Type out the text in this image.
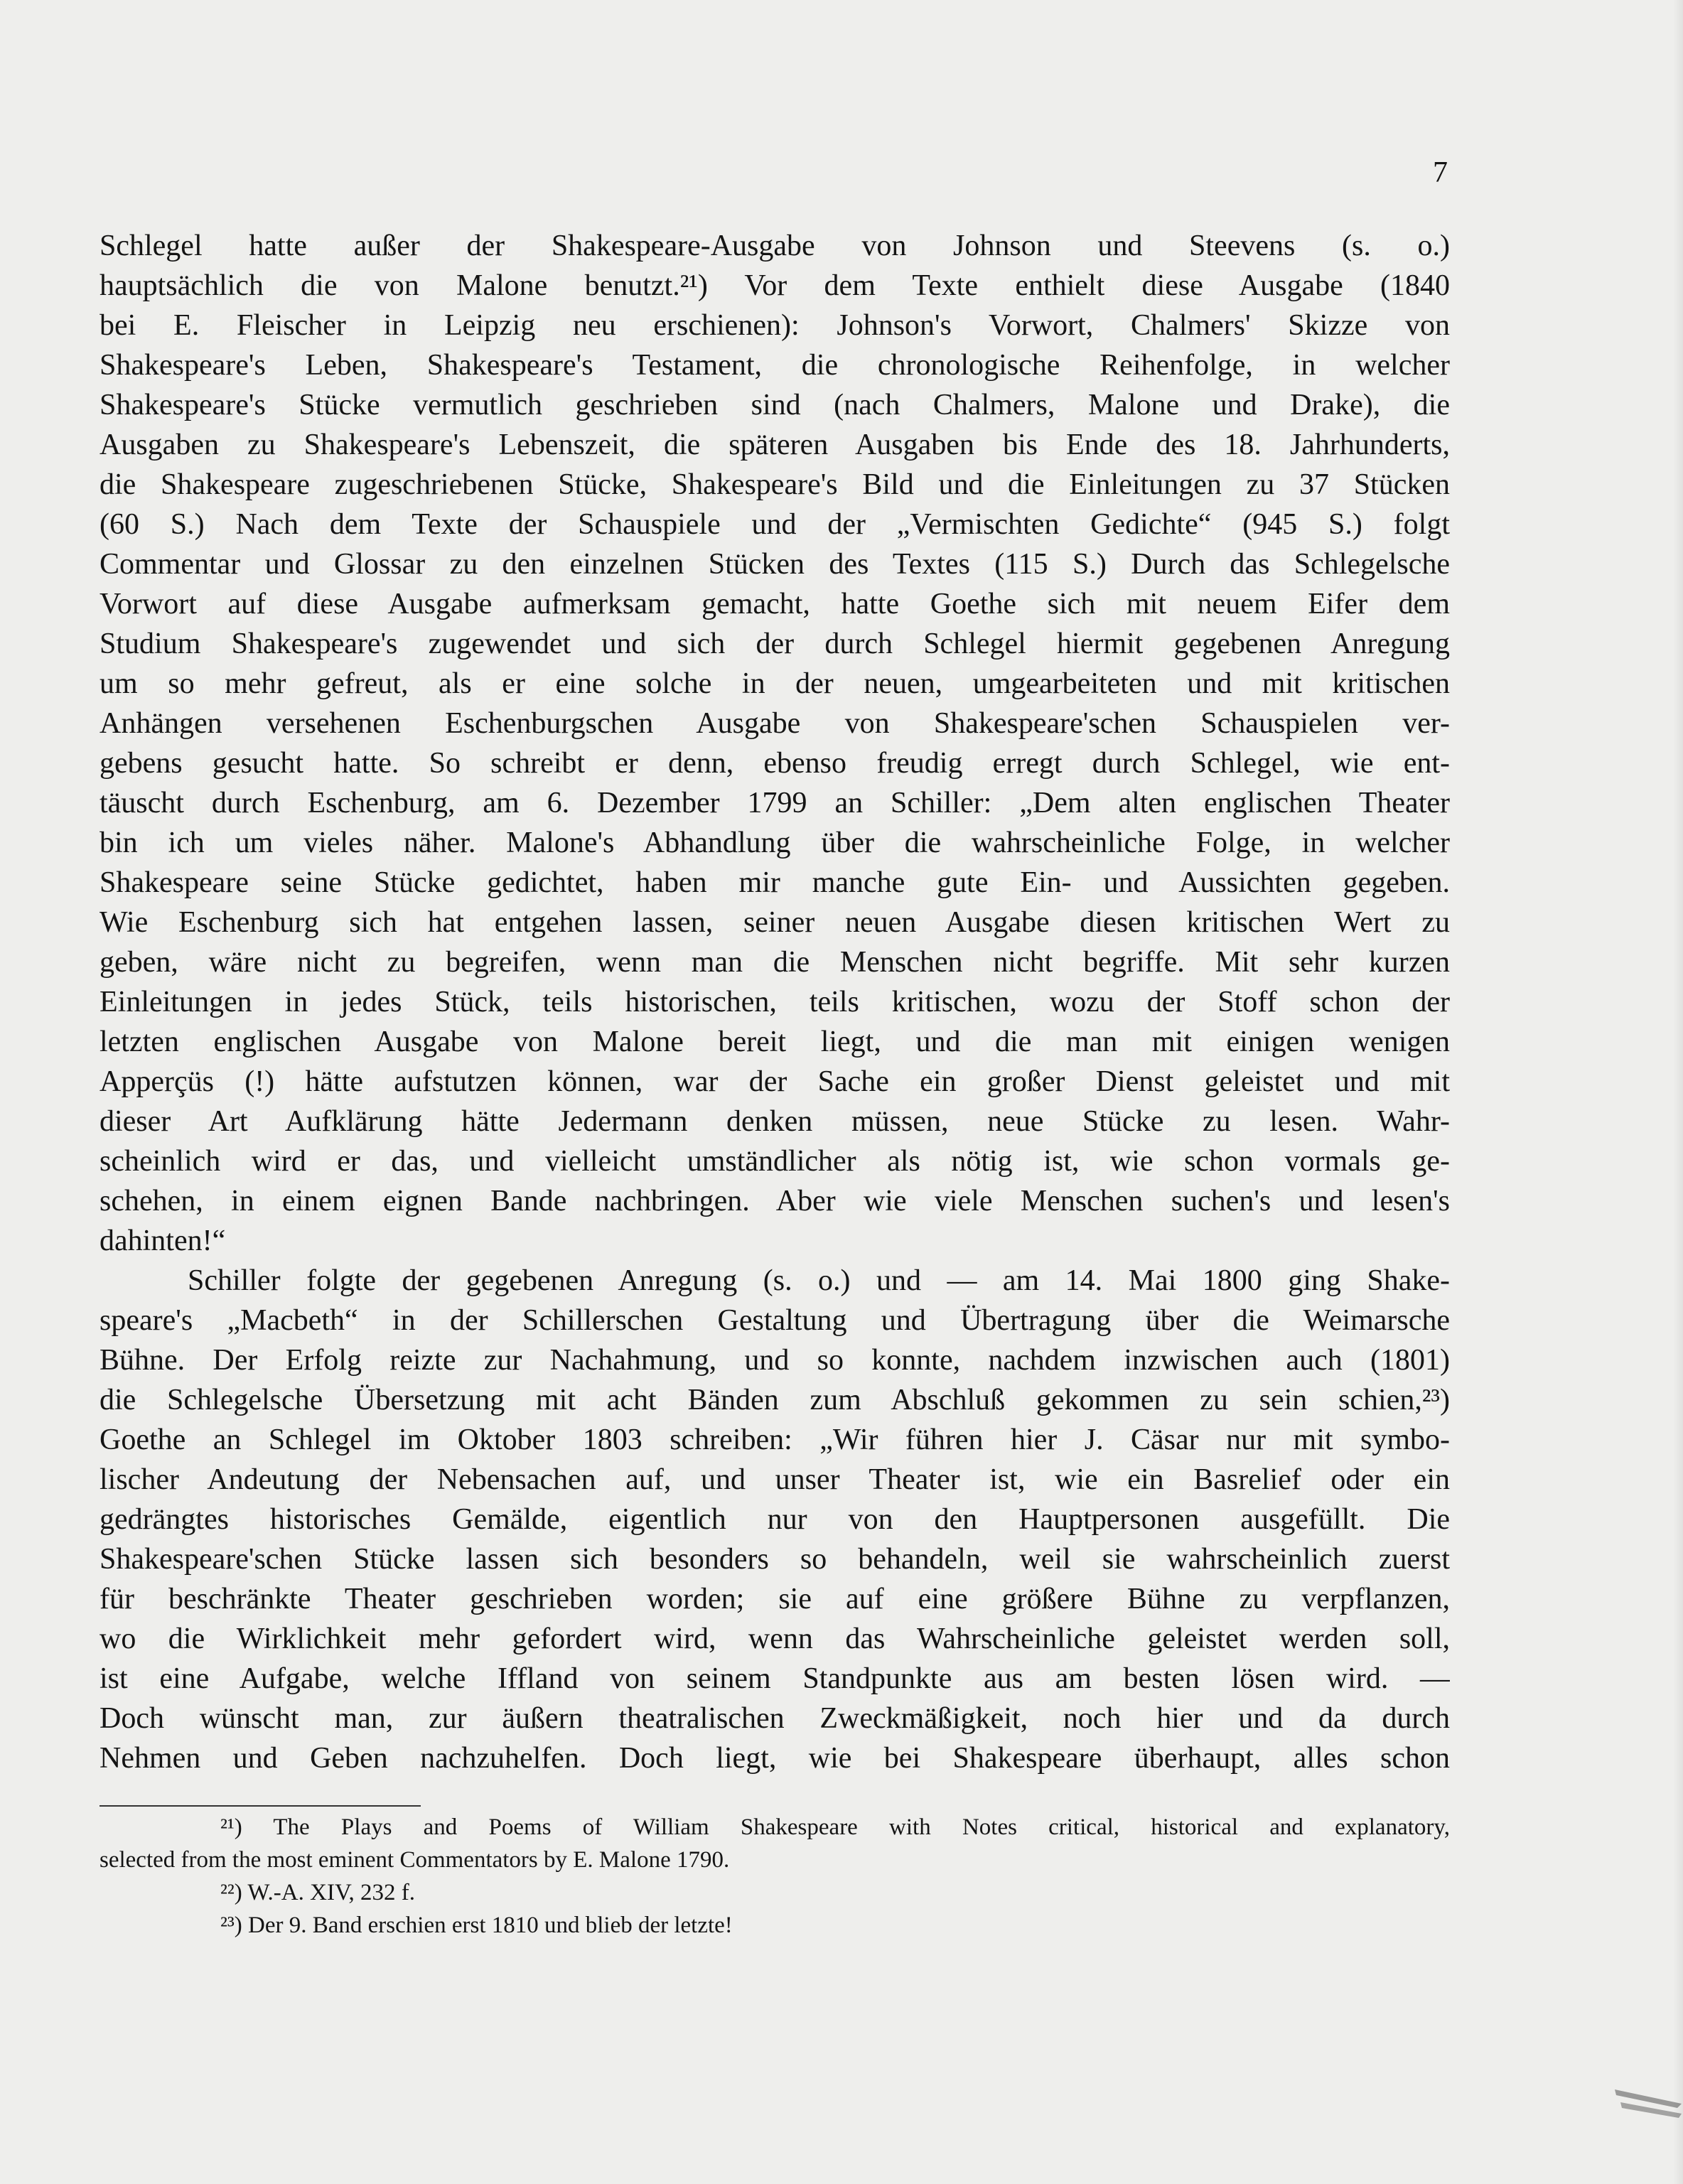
7
Schlegel hatte außer der Shakespeare-Ausgabe von Johnson und Steevens (s. o.)
hauptsächlich die von Malone benutzt.²¹) Vor dem Texte enthielt diese Ausgabe (1840
bei E. Fleischer in Leipzig neu erschienen): Johnson's Vorwort, Chalmers' Skizze von
Shakespeare's Leben, Shakespeare's Testament, die chronologische Reihenfolge, in welcher
Shakespeare's Stücke vermutlich geschrieben sind (nach Chalmers, Malone und Drake), die
Ausgaben zu Shakespeare's Lebenszeit, die späteren Ausgaben bis Ende des 18. Jahrhunderts,
die Shakespeare zugeschriebenen Stücke, Shakespeare's Bild und die Einleitungen zu 37 Stücken
(60 S.) Nach dem Texte der Schauspiele und der „Vermischten Gedichte“ (945 S.) folgt
Commentar und Glossar zu den einzelnen Stücken des Textes (115 S.) Durch das Schlegelsche
Vorwort auf diese Ausgabe aufmerksam gemacht, hatte Goethe sich mit neuem Eifer dem
Studium Shakespeare's zugewendet und sich der durch Schlegel hiermit gegebenen Anregung
um so mehr gefreut, als er eine solche in der neuen, umgearbeiteten und mit kritischen
Anhängen versehenen Eschenburgschen Ausgabe von Shakespeare'schen Schauspielen ver-
gebens gesucht hatte. So schreibt er denn, ebenso freudig erregt durch Schlegel, wie ent-
täuscht durch Eschenburg, am 6. Dezember 1799 an Schiller: „Dem alten englischen Theater
bin ich um vieles näher. Malone's Abhandlung über die wahrscheinliche Folge, in welcher
Shakespeare seine Stücke gedichtet, haben mir manche gute Ein- und Aussichten gegeben.
Wie Eschenburg sich hat entgehen lassen, seiner neuen Ausgabe diesen kritischen Wert zu
geben, wäre nicht zu begreifen, wenn man die Menschen nicht begriffe. Mit sehr kurzen
Einleitungen in jedes Stück, teils historischen, teils kritischen, wozu der Stoff schon der
letzten englischen Ausgabe von Malone bereit liegt, und die man mit einigen wenigen
Apperçüs (!) hätte aufstutzen können, war der Sache ein großer Dienst geleistet und mit
dieser Art Aufklärung hätte Jedermann denken müssen, neue Stücke zu lesen. Wahr-
scheinlich wird er das, und vielleicht umständlicher als nötig ist, wie schon vormals ge-
schehen, in einem eignen Bande nachbringen. Aber wie viele Menschen suchen's und lesen's
dahinten!“
Schiller folgte der gegebenen Anregung (s. o.) und — am 14. Mai 1800 ging Shake-
speare's „Macbeth“ in der Schillerschen Gestaltung und Übertragung über die Weimarsche
Bühne. Der Erfolg reizte zur Nachahmung, und so konnte, nachdem inzwischen auch (1801)
die Schlegelsche Übersetzung mit acht Bänden zum Abschluß gekommen zu sein schien,²³)
Goethe an Schlegel im Oktober 1803 schreiben: „Wir führen hier J. Cäsar nur mit symbo-
lischer Andeutung der Nebensachen auf, und unser Theater ist, wie ein Basrelief oder ein
gedrängtes historisches Gemälde, eigentlich nur von den Hauptpersonen ausgefüllt. Die
Shakespeare'schen Stücke lassen sich besonders so behandeln, weil sie wahrscheinlich zuerst
für beschränkte Theater geschrieben worden; sie auf eine größere Bühne zu verpflanzen,
wo die Wirklichkeit mehr gefordert wird, wenn das Wahrscheinliche geleistet werden soll,
ist eine Aufgabe, welche Iffland von seinem Standpunkte aus am besten lösen wird. —
Doch wünscht man, zur äußern theatralischen Zweckmäßigkeit, noch hier und da durch
Nehmen und Geben nachzuhelfen. Doch liegt, wie bei Shakespeare überhaupt, alles schon
²¹) The Plays and Poems of William Shakespeare with Notes critical, historical and explanatory,
selected from the most eminent Commentators by E. Malone 1790.
²²) W.-A. XIV, 232 f.
²³) Der 9. Band erschien erst 1810 und blieb der letzte!
